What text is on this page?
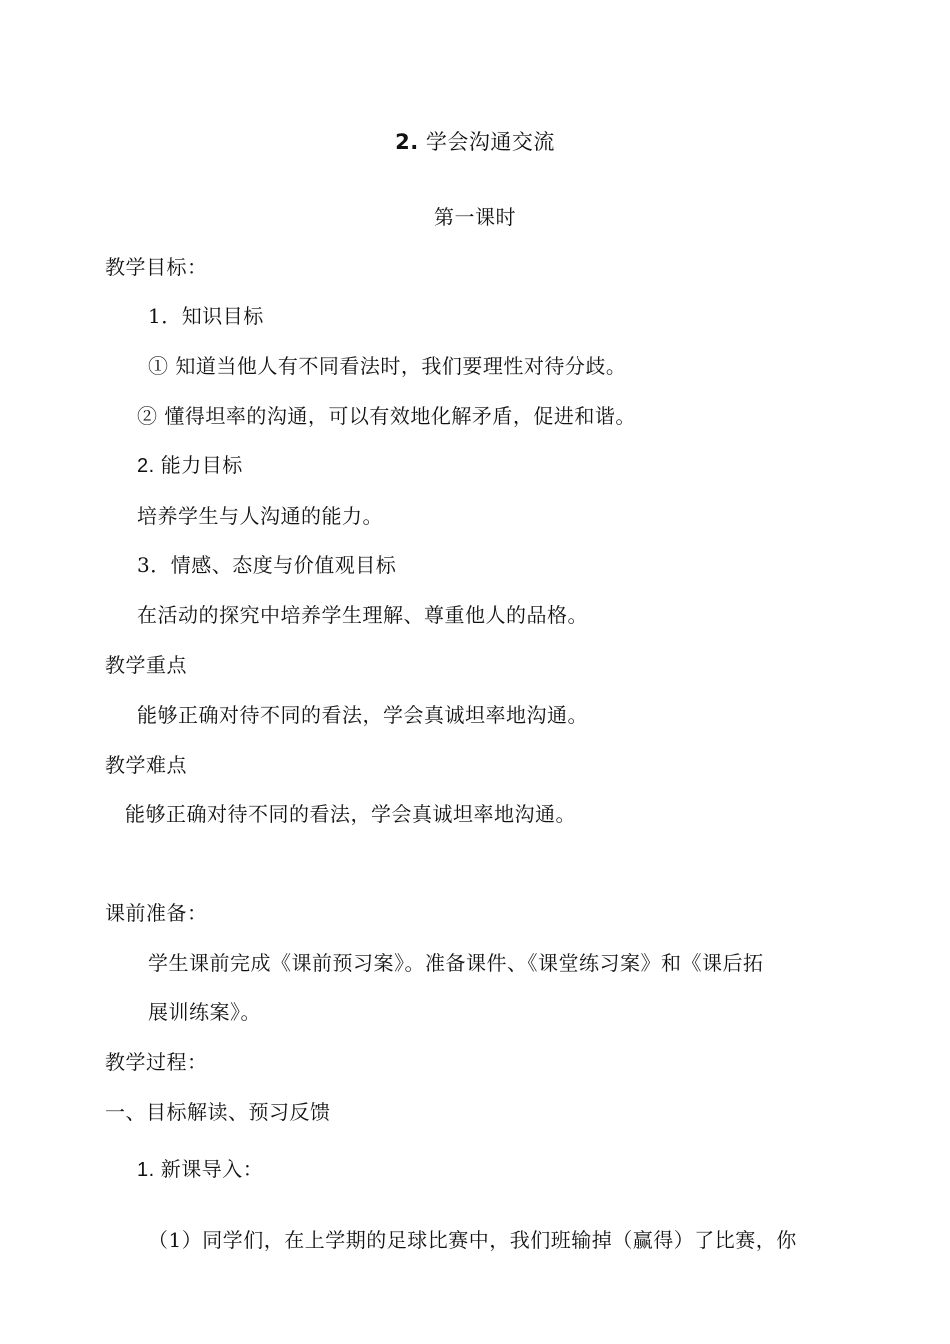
2. 学会沟通交流
第一课时
教学目标：
1．知识目标
① 知道当他人有不同看法时，我们要理性对待分歧。
② 懂得坦率的沟通，可以有效地化解矛盾，促进和谐。
2. 能力目标
培养学生与人沟通的能力。
3．情感、态度与价值观目标
在活动的探究中培养学生理解、尊重他人的品格。
教学重点
能够正确对待不同的看法，学会真诚坦率地沟通。
教学难点
能够正确对待不同的看法，学会真诚坦率地沟通。
课前准备：
学生课前完成《课前预习案》。准备课件、《课堂练习案》和《课后拓
展训练案》。
教学过程：
一、目标解读、预习反馈
1. 新课导入：
（1）同学们，在上学期的足球比赛中，我们班输掉（赢得）了比赛，你
